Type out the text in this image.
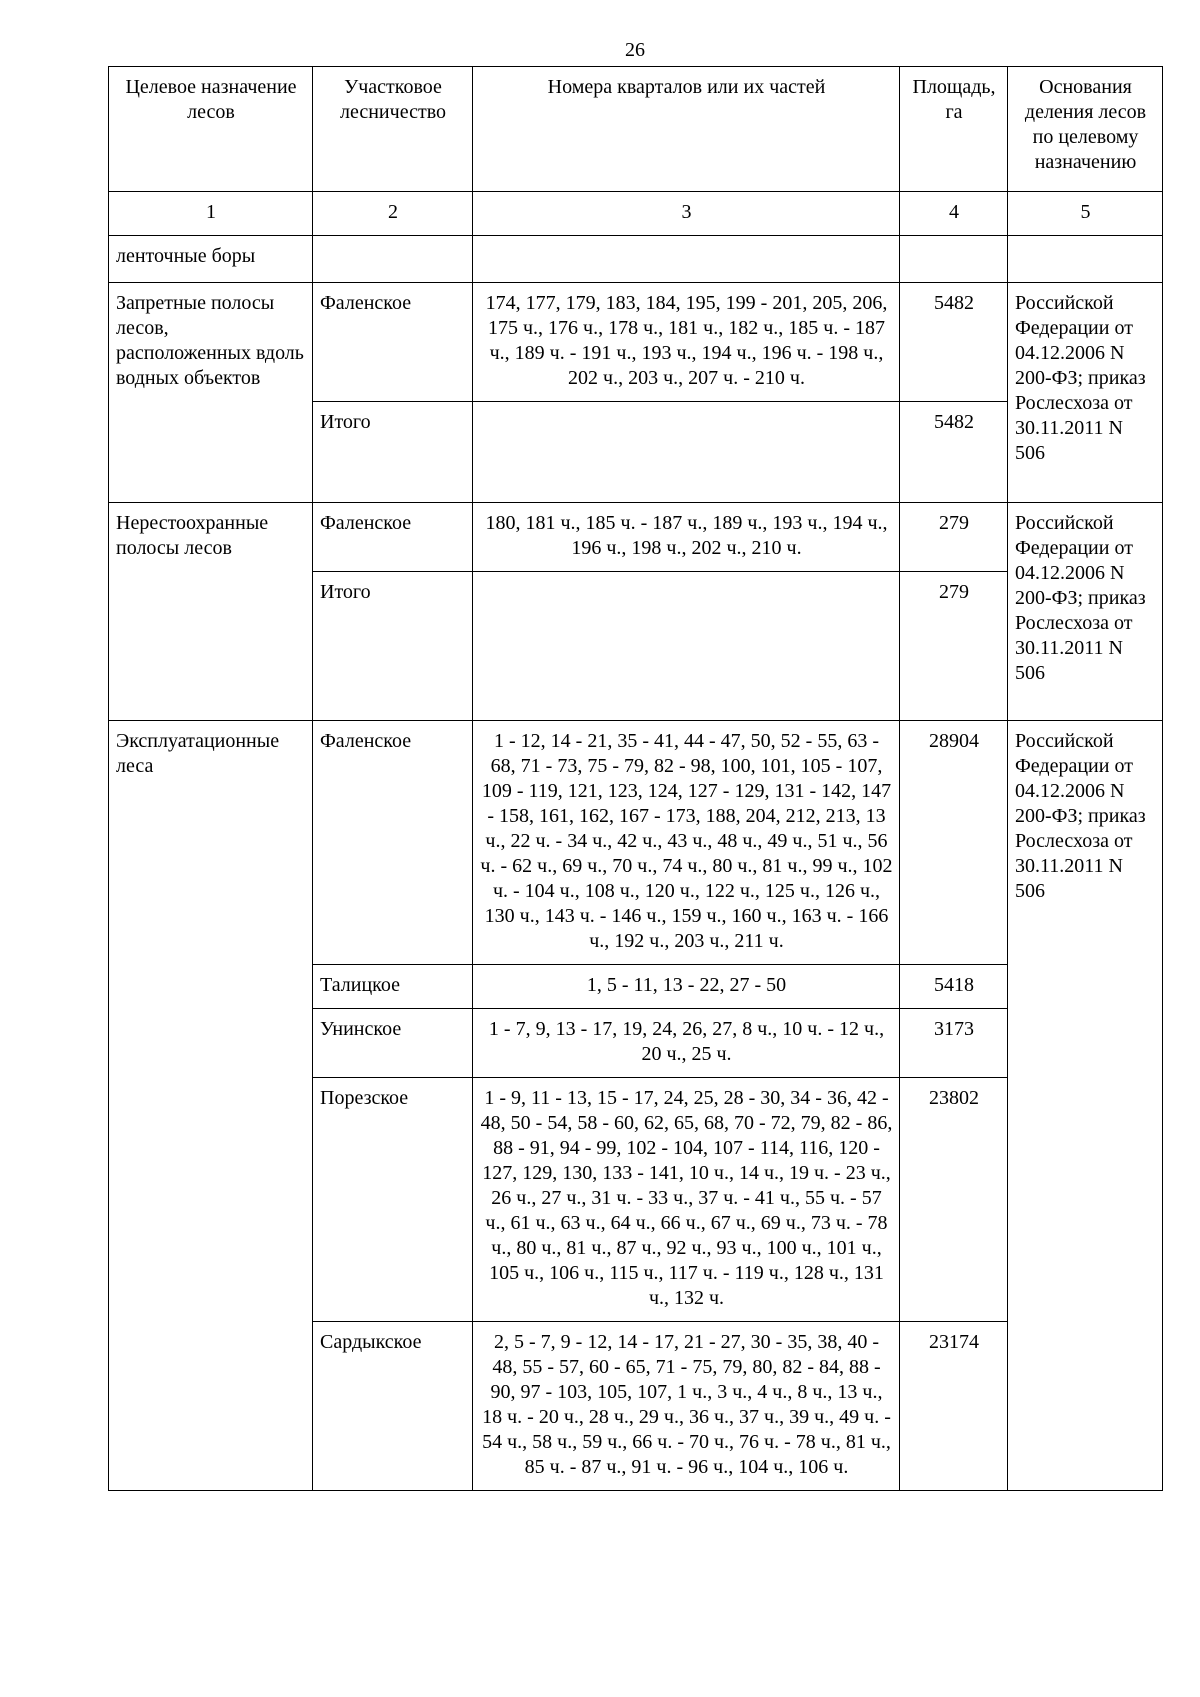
26
Целевое назначение лесов	Участковое лесничество	Номера кварталов или их частей	Площадь, га	Основания деления лесов по целевому назначению
1	2	3	4	5
ленточные боры				
Запретные полосы лесов, расположенных вдоль водных объектов	Фаленское	174, 177, 179, 183, 184, 195, 199 - 201, 205, 206, 175 ч., 176 ч., 178 ч., 181 ч., 182 ч., 185 ч. - 187 ч., 189 ч. - 191 ч., 193 ч., 194 ч., 196 ч. - 198 ч., 202 ч., 203 ч., 207 ч. - 210 ч.	5482	Российской Федерации от 04.12.2006 N 200-ФЗ; приказ Рослесхоза от 30.11.2011 N 506
	Итого		5482	
Нерестоохранные полосы лесов	Фаленское	180, 181 ч., 185 ч. - 187 ч., 189 ч., 193 ч., 194 ч., 196 ч., 198 ч., 202 ч., 210 ч.	279	Российской Федерации от 04.12.2006 N 200-ФЗ; приказ Рослесхоза от 30.11.2011 N 506
	Итого		279	
Эксплуатационные леса	Фаленское	1 - 12, 14 - 21, 35 - 41, 44 - 47, 50, 52 - 55, 63 - 68, 71 - 73, 75 - 79, 82 - 98, 100, 101, 105 - 107, 109 - 119, 121, 123, 124, 127 - 129, 131 - 142, 147 - 158, 161, 162, 167 - 173, 188, 204, 212, 213, 13 ч., 22 ч. - 34 ч., 42 ч., 43 ч., 48 ч., 49 ч., 51 ч., 56 ч. - 62 ч., 69 ч., 70 ч., 74 ч., 80 ч., 81 ч., 99 ч., 102 ч. - 104 ч., 108 ч., 120 ч., 122 ч., 125 ч., 126 ч., 130 ч., 143 ч. - 146 ч., 159 ч., 160 ч., 163 ч. - 166 ч., 192 ч., 203 ч., 211 ч.	28904	Российской Федерации от 04.12.2006 N 200-ФЗ; приказ Рослесхоза от 30.11.2011 N 506
	Талицкое	1, 5 - 11, 13 - 22, 27 - 50	5418	
	Унинское	1 - 7, 9, 13 - 17, 19, 24, 26, 27, 8 ч., 10 ч. - 12 ч., 20 ч., 25 ч.	3173	
	Порезское	1 - 9, 11 - 13, 15 - 17, 24, 25, 28 - 30, 34 - 36, 42 - 48, 50 - 54, 58 - 60, 62, 65, 68, 70 - 72, 79, 82 - 86, 88 - 91, 94 - 99, 102 - 104, 107 - 114, 116, 120 - 127, 129, 130, 133 - 141, 10 ч., 14 ч., 19 ч. - 23 ч., 26 ч., 27 ч., 31 ч. - 33 ч., 37 ч. - 41 ч., 55 ч. - 57 ч., 61 ч., 63 ч., 64 ч., 66 ч., 67 ч., 69 ч., 73 ч. - 78 ч., 80 ч., 81 ч., 87 ч., 92 ч., 93 ч., 100 ч., 101 ч., 105 ч., 106 ч., 115 ч., 117 ч. - 119 ч., 128 ч., 131 ч., 132 ч.	23802	
	Сардыкское	2, 5 - 7, 9 - 12, 14 - 17, 21 - 27, 30 - 35, 38, 40 - 48, 55 - 57, 60 - 65, 71 - 75, 79, 80, 82 - 84, 88 - 90, 97 - 103, 105, 107, 1 ч., 3 ч., 4 ч., 8 ч., 13 ч., 18 ч. - 20 ч., 28 ч., 29 ч., 36 ч., 37 ч., 39 ч., 49 ч. - 54 ч., 58 ч., 59 ч., 66 ч. - 70 ч., 76 ч. - 78 ч., 81 ч., 85 ч. - 87 ч., 91 ч. - 96 ч., 104 ч., 106 ч.	23174	
